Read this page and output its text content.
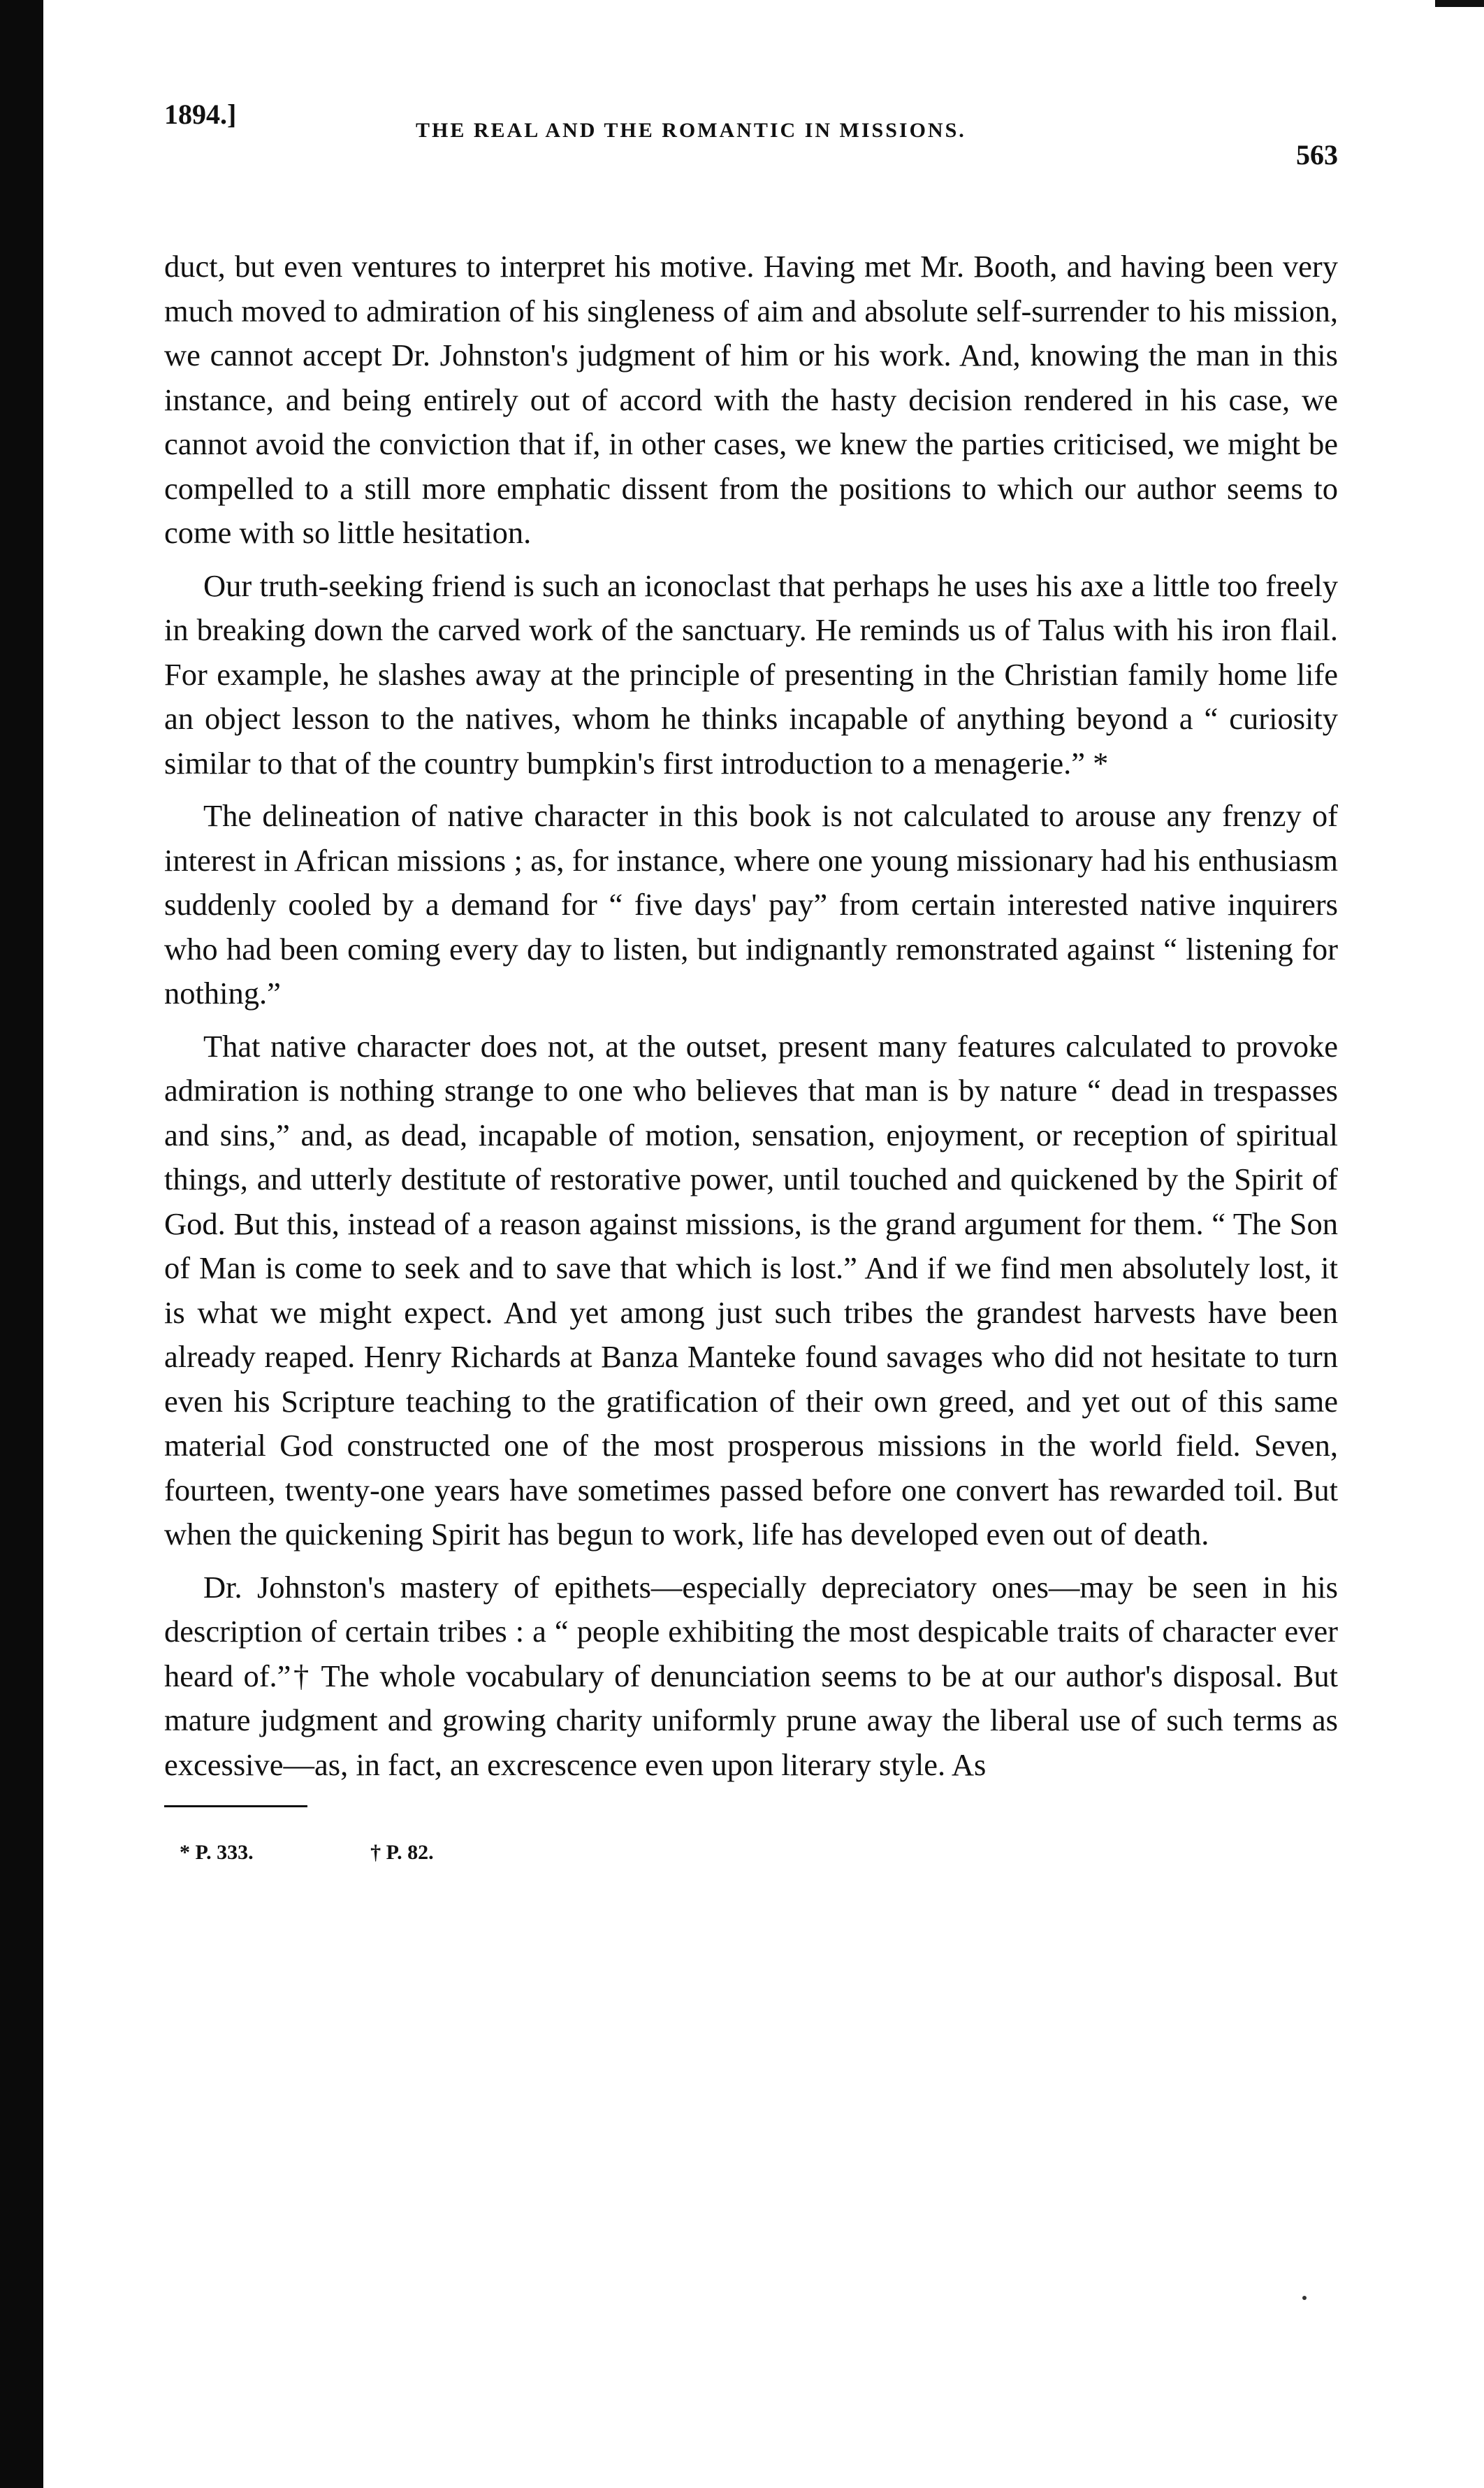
1894.]
THE REAL AND THE ROMANTIC IN MISSIONS.
563

duct, but even ventures to interpret his motive. Having met Mr. Booth, and having been very much moved to admiration of his singleness of aim and absolute self-surrender to his mission, we cannot accept Dr. Johnston's judgment of him or his work. And, knowing the man in this instance, and being entirely out of accord with the hasty decision rendered in his case, we cannot avoid the conviction that if, in other cases, we knew the parties criticised, we might be compelled to a still more emphatic dissent from the positions to which our author seems to come with so little hesitation.

Our truth-seeking friend is such an iconoclast that perhaps he uses his axe a little too freely in breaking down the carved work of the sanctuary. He reminds us of Talus with his iron flail. For example, he slashes away at the principle of presenting in the Christian family home life an object lesson to the natives, whom he thinks incapable of anything beyond a “ curiosity similar to that of the country bumpkin's first introduction to a menagerie.” *

The delineation of native character in this book is not calculated to arouse any frenzy of interest in African missions ; as, for instance, where one young missionary had his enthusiasm suddenly cooled by a demand for “ five days' pay” from certain interested native inquirers who had been coming every day to listen, but indignantly remonstrated against “ listening for nothing.”

That native character does not, at the outset, present many features calculated to provoke admiration is nothing strange to one who believes that man is by nature “ dead in trespasses and sins,” and, as dead, incapable of motion, sensation, enjoyment, or reception of spiritual things, and utterly destitute of restorative power, until touched and quickened by the Spirit of God. But this, instead of a reason against missions, is the grand argument for them. “ The Son of Man is come to seek and to save that which is lost.” And if we find men absolutely lost, it is what we might expect. And yet among just such tribes the grandest harvests have been already reaped. Henry Richards at Banza Manteke found savages who did not hesitate to turn even his Scripture teaching to the gratification of their own greed, and yet out of this same material God constructed one of the most prosperous missions in the world field. Seven, fourteen, twenty-one years have sometimes passed before one convert has rewarded toil. But when the quickening Spirit has begun to work, life has developed even out of death.

Dr. Johnston's mastery of epithets—especially depreciatory ones—may be seen in his description of certain tribes : a “ people exhibiting the most despicable traits of character ever heard of.”† The whole vocabulary of denunciation seems to be at our author's disposal. But mature judgment and growing charity uniformly prune away the liberal use of such terms as excessive—as, in fact, an excrescence even upon literary style. As

* P. 333.	† P. 82.
